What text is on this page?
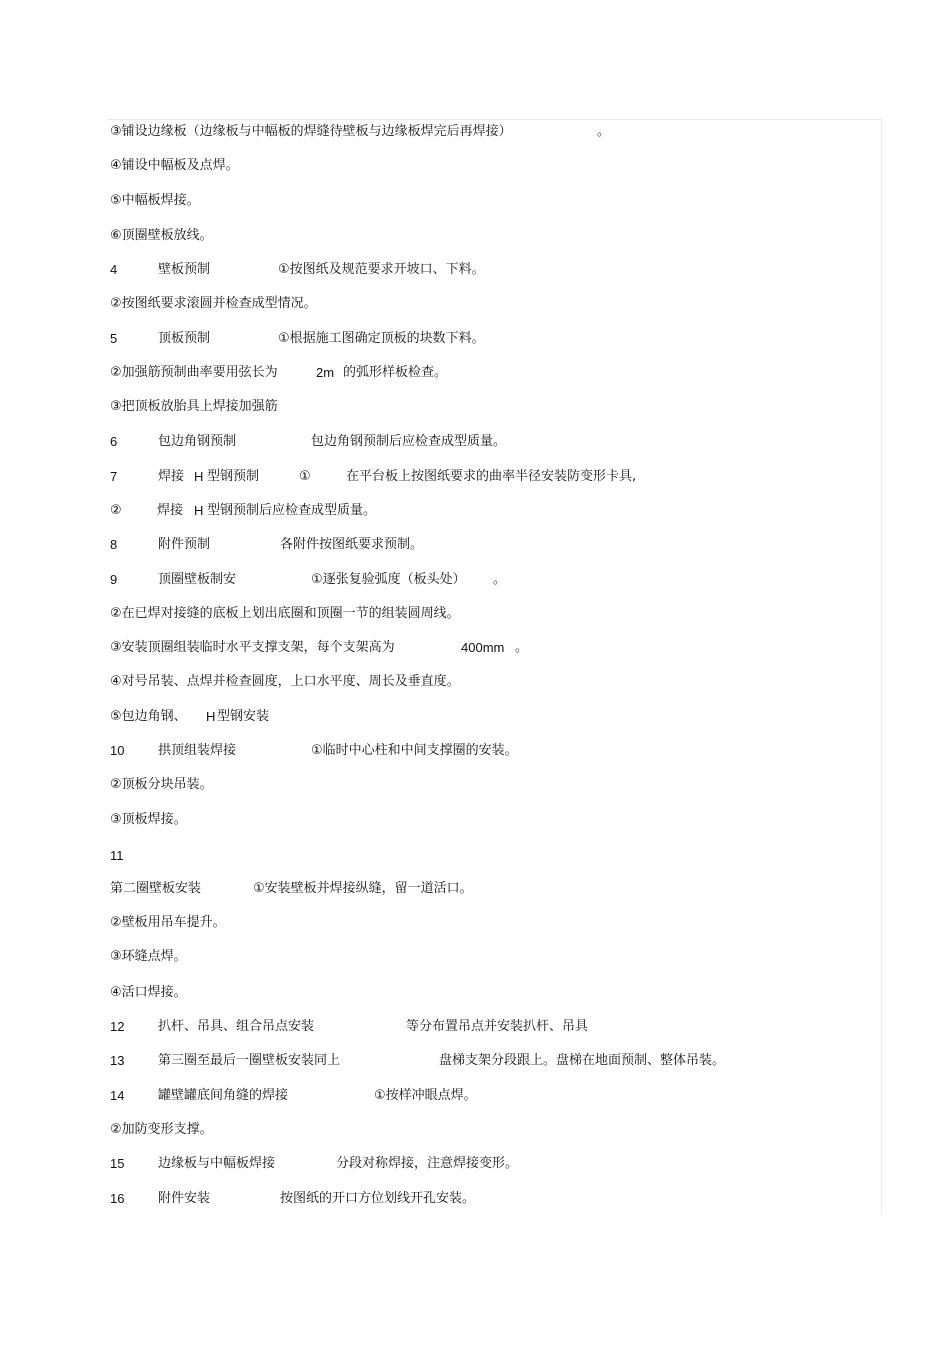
③铺设边缘板（边缘板与中幅板的焊缝待壁板与边缘板焊完后再焊接）	。
④铺设中幅板及点焊。
⑤中幅板焊接。
⑥顶圈壁板放线。
4	壁板预制	①按图纸及规范要求开坡口、下料。
②按图纸要求滚圆并检查成型情况。
5	顶板预制	①根据施工图确定顶板的块数下料。
②加强筋预制曲率要用弦长为	2m 的弧形样板检查。
③把顶板放胎具上焊接加强筋
6	包边角钢预制	包边角钢预制后应检查成型质量。
7	焊接 H 型钢预制	①	在平台板上按图纸要求的曲率半径安装防变形卡具,
②	焊接 H 型钢预制后应检查成型质量。
8	附件预制	各附件按图纸要求预制。
9	顶圈壁板制安	①逐张复验弧度（板头处） 。
②在已焊对接缝的底板上划出底圈和顶圈一节的组装圆周线。
③安装顶圈组装临时水平支撑支架，每个支架高为	400mm 。
④对号吊装、点焊并检查圆度，上口水平度、周长及垂直度。
⑤包边角钢、 H 型钢安装
10	拱顶组装焊接	①临时中心柱和中间支撑圈的安装。
②顶板分块吊装。
③顶板焊接。
11
第二圈壁板安装	①安装壁板并焊接纵缝，留一道活口。
②壁板用吊车提升。
③环缝点焊。
④活口焊接。
12	扒杆、吊具、组合吊点安装	等分布置吊点并安装扒杆、吊具
13	第三圈至最后一圈壁板安装同上	盘梯支架分段跟上。盘梯在地面预制、整体吊装。
14	罐壁罐底间角缝的焊接	①按样冲眼点焊。
②加防变形支撑。
15	边缘板与中幅板焊接	分段对称焊接，注意焊接变形。
16	附件安装	按图纸的开口方位划线开孔安装。
